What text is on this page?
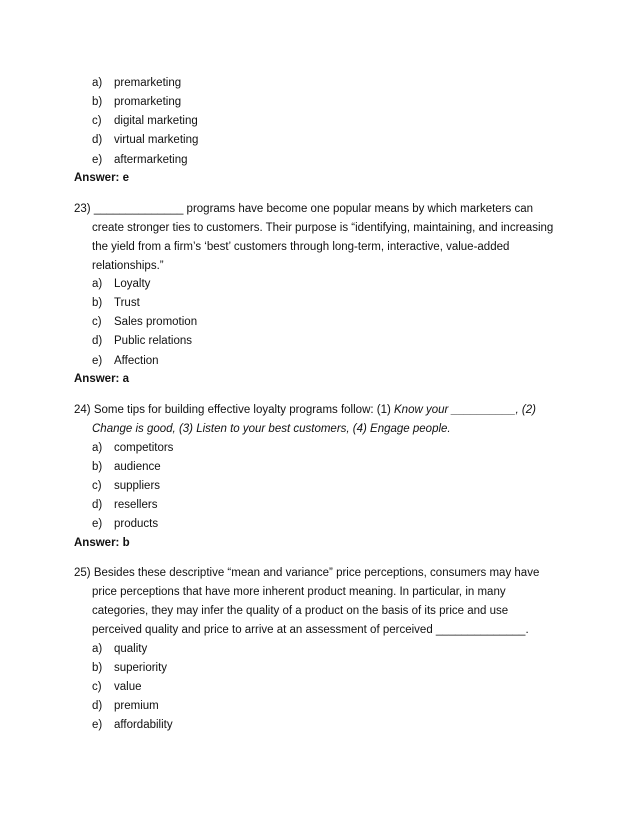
a) premarketing
b) promarketing
c) digital marketing
d) virtual marketing
e) aftermarketing
Answer: e
23) ______________ programs have become one popular means by which marketers can
create stronger ties to customers. Their purpose is “identifying, maintaining, and increasing
the yield from a firm’s ‘best’ customers through long-term, interactive, value-added
relationships.”
a) Loyalty
b) Trust
c) Sales promotion
d) Public relations
e) Affection
Answer: a
24) Some tips for building effective loyalty programs follow: (1) Know your __________, (2)
Change is good, (3) Listen to your best customers, (4) Engage people.
a) competitors
b) audience
c) suppliers
d) resellers
e) products
Answer: b
25) Besides these descriptive “mean and variance” price perceptions, consumers may have
price perceptions that have more inherent product meaning. In particular, in many
categories, they may infer the quality of a product on the basis of its price and use
perceived quality and price to arrive at an assessment of perceived ______________.
a) quality
b) superiority
c) value
d) premium
e) affordability
